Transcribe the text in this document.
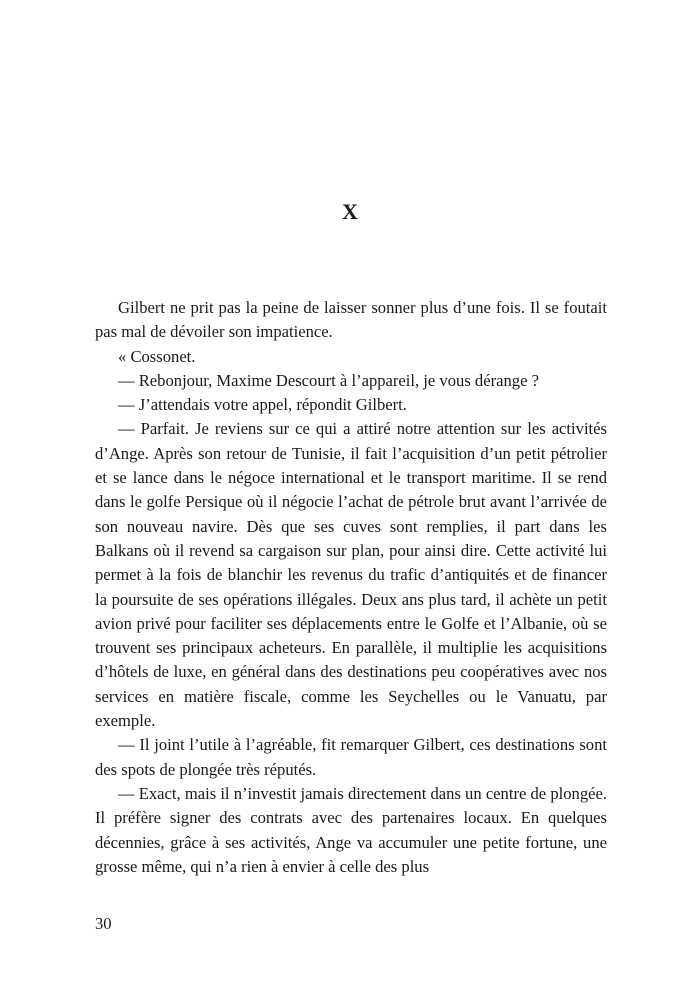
X

Gilbert ne prit pas la peine de laisser sonner plus d’une fois. Il se foutait pas mal de dévoiler son impatience.

« Cossonet.

— Rebonjour, Maxime Descourt à l’appareil, je vous dérange ?

— J’attendais votre appel, répondit Gilbert.

— Parfait. Je reviens sur ce qui a attiré notre attention sur les activités d’Ange. Après son retour de Tunisie, il fait l’acquisition d’un petit pétrolier et se lance dans le négoce international et le transport maritime. Il se rend dans le golfe Persique où il négocie l’achat de pétrole brut avant l’arrivée de son nouveau navire. Dès que ses cuves sont remplies, il part dans les Balkans où il revend sa cargaison sur plan, pour ainsi dire. Cette activité lui permet à la fois de blanchir les revenus du trafic d’antiquités et de financer la poursuite de ses opérations illégales. Deux ans plus tard, il achète un petit avion privé pour faciliter ses déplacements entre le Golfe et l’Albanie, où se trouvent ses principaux acheteurs. En parallèle, il multiplie les acquisitions d’hôtels de luxe, en général dans des destinations peu coopératives avec nos services en matière fiscale, comme les Seychelles ou le Vanuatu, par exemple.

— Il joint l’utile à l’agréable, fit remarquer Gilbert, ces destinations sont des spots de plongée très réputés.

— Exact, mais il n’investit jamais directement dans un centre de plongée. Il préfère signer des contrats avec des partenaires locaux. En quelques décennies, grâce à ses activités, Ange va accumuler une petite fortune, une grosse même, qui n’a rien à envier à celle des plus

30
